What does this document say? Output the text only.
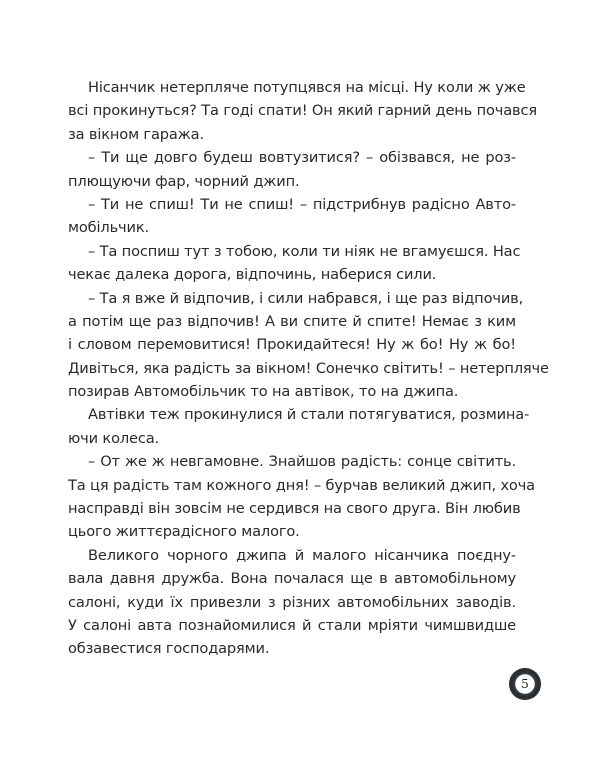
Нісанчик нетерпляче потупцявся на місці. Ну коли ж уже
всі прокинуться? Та годі спати! Он який гарний день почався
за вікном гаража.
– Ти ще довго будеш вовтузитися? – обізвався, не роз-
плющуючи фар, чорний джип.
– Ти не спиш! Ти не спиш! – підстрибнув радісно Авто-
мобільчик.
– Та поспиш тут з тобою, коли ти ніяк не вгамуєшся. Нас
чекає далека дорога, відпочинь, наберися сили.
– Та я вже й відпочив, і сили набрався, і ще раз відпочив,
а потім ще раз відпочив! А ви спите й спите! Немає з ким
і словом перемовитися! Прокидайтеся! Ну ж бо! Ну ж бо!
Дивіться, яка радість за вікном! Сонечко світить! – нетерпляче
позирав Автомобільчик то на автівок, то на джипа.
Автівки теж прокинулися й стали потягуватися, розмина-
ючи колеса.
– От же ж невгамовне. Знайшов радість: сонце світить.
Та ця радість там кожного дня! – бурчав великий джип, хоча
насправді він зовсім не сердився на свого друга. Він любив
цього життєрадісного малого.
Великого чорного джипа й малого нісанчика поєдну-
вала давня дружба. Вона почалася ще в автомобільному
салоні, куди їх привезли з різних автомобільних заводів.
У салоні авта познайомилися й стали мріяти чимшвидше
обзавестися господарями.
5
